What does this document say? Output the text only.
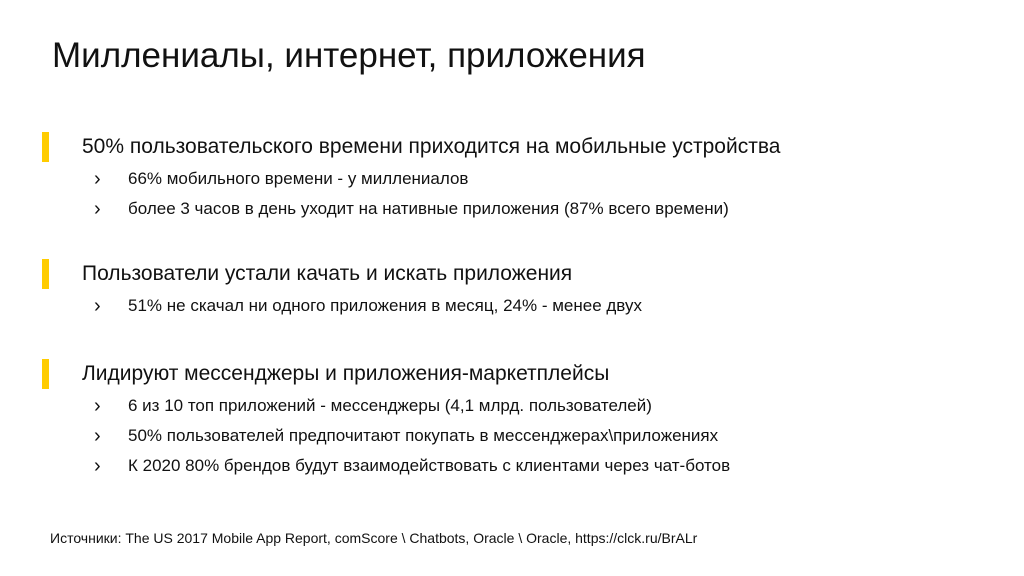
Миллениалы, интернет, приложения
50% пользовательского времени приходится на мобильные устройства
› 66% мобильного времени - у миллениалов
› более 3 часов в день уходит на нативные приложения (87% всего времени)
Пользователи устали качать и искать приложения
› 51% не скачал ни одного приложения в месяц, 24% - менее двух
Лидируют мессенджеры и приложения-маркетплейсы
› 6 из 10 топ приложений - мессенджеры (4,1 млрд. пользователей)
› 50% пользователей предпочитают покупать в мессенджерах\приложениях
› К 2020 80% брендов будут взаимодействовать с клиентами через чат-ботов
Источники: The US 2017 Mobile App Report, comScore \ Chatbots, Oracle \ Oracle, https://clck.ru/BrALr
